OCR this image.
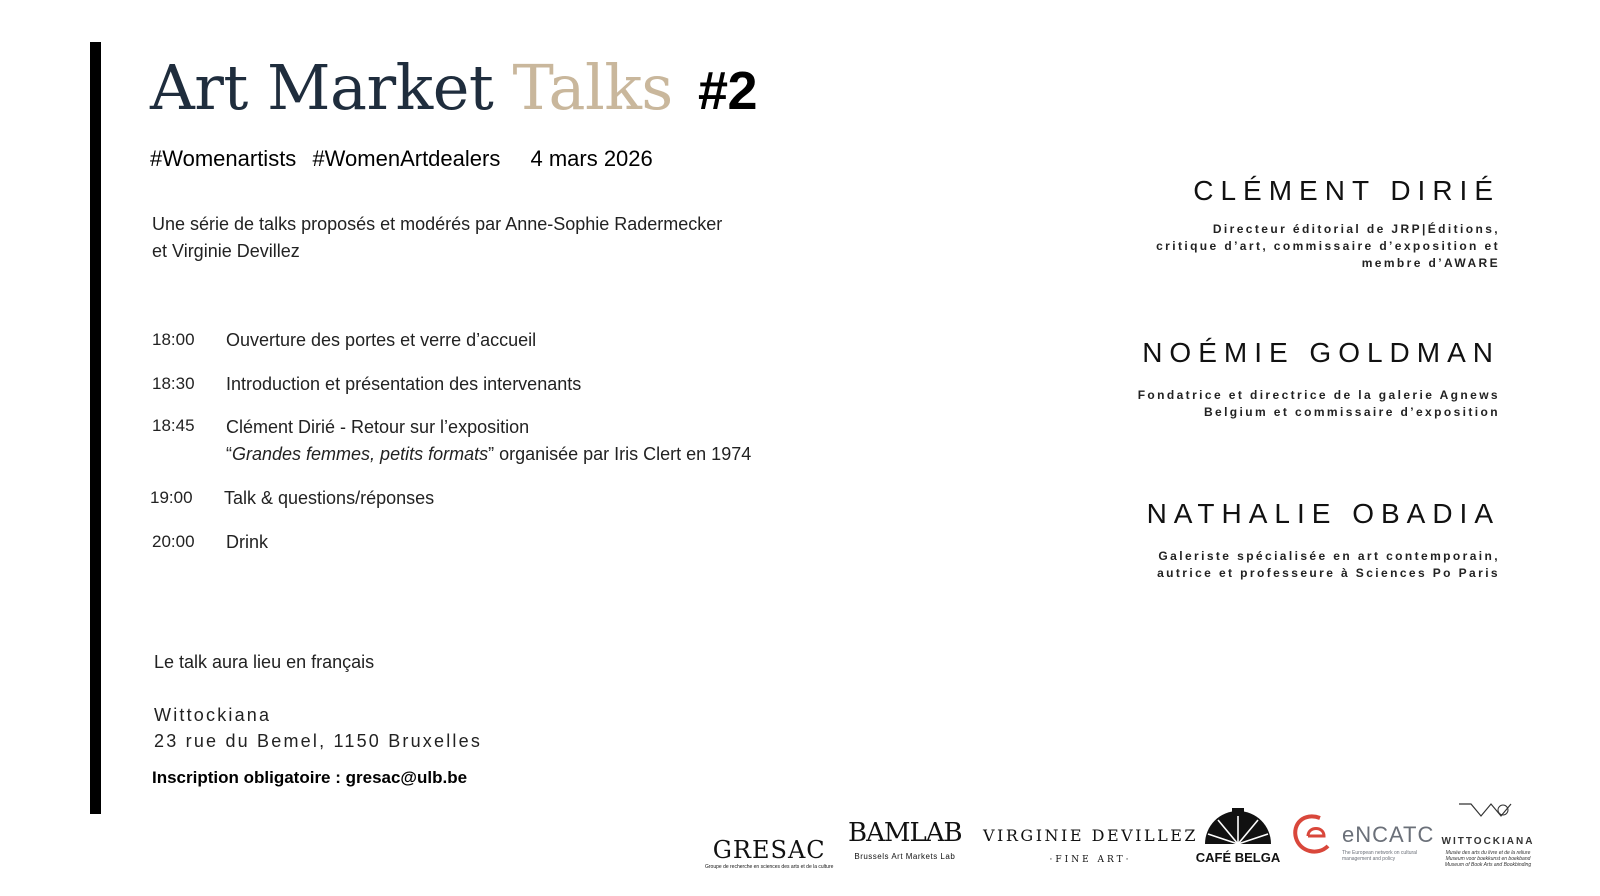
Art Market Talks #2
#Womenartists #WomenArtdealers 4 mars 2026
Une série de talks proposés et modérés par Anne-Sophie Radermecker
et Virginie Devillez
18:00 Ouverture des portes et verre d’accueil
18:30 Introduction et présentation des intervenants
18:45 Clément Dirié - Retour sur l’exposition
“Grandes femmes, petits formats” organisée par Iris Clert en 1974
19:00 Talk & questions/réponses
20:00 Drink
Le talk aura lieu en français
Wittockiana
23 rue du Bemel, 1150 Bruxelles
Inscription obligatoire : gresac@ulb.be
CLÉMENT DIRIÉ
Directeur éditorial de JRP|Éditions,
critique d’art, commissaire d’exposition et
membre d’AWARE
NOÉMIE GOLDMAN
Fondatrice et directrice de la galerie Agnews
Belgium et commissaire d’exposition
NATHALIE OBADIA
Galeriste spécialisée en art contemporain,
autrice et professeure à Sciences Po Paris
GRESAC
Groupe de recherche en sciences des arts et de la culture
BAMLAB
Brussels Art Markets Lab
VIRGINIE DEVILLEZ
·FINE ART·	CAFÉ BELGA
eNCATC
The European network on cultural management and policy
WITTOCKIANA
Musée des arts du livre et de la reliure Museum voor boekkunst en boekband Museum of Book Arts and Bookbinding
